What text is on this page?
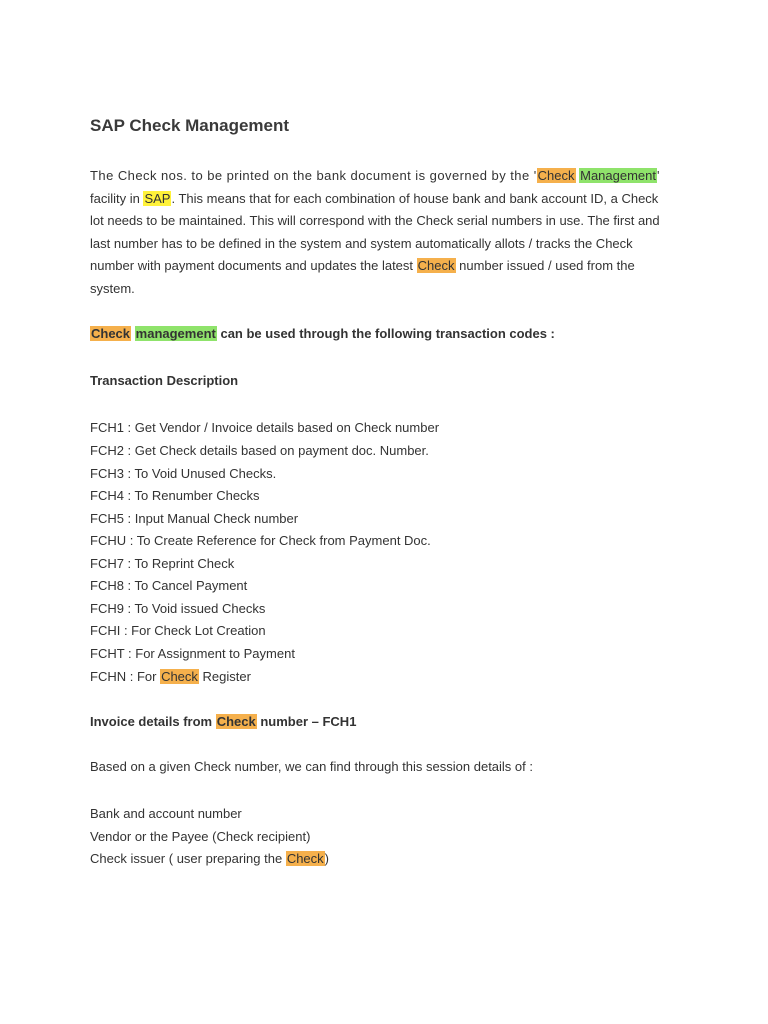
SAP Check Management
The Check nos. to be printed on the bank document is governed by the 'Check Management'
facility in SAP. This means that for each combination of house bank and bank account ID, a Check
lot needs to be maintained. This will correspond with the Check serial numbers in use. The first and
last number has to be defined in the system and system automatically allots / tracks the Check
number with payment documents and updates the latest Check number issued / used from the
system.
Check management can be used through the following transaction codes :
Transaction Description
FCH1 : Get Vendor / Invoice details based on Check number
FCH2 : Get Check details based on payment doc. Number.
FCH3 : To Void Unused Checks.
FCH4 : To Renumber Checks
FCH5 : Input Manual Check number
FCHU : To Create Reference for Check from Payment Doc.
FCH7 : To Reprint Check
FCH8 : To Cancel Payment
FCH9 : To Void issued Checks
FCHI : For Check Lot Creation
FCHT : For Assignment to Payment
FCHN : For Check Register
Invoice details from Check number – FCH1
Based on a given Check number, we can find through this session details of :
Bank and account number
Vendor or the Payee (Check recipient)
Check issuer ( user preparing the Check)
